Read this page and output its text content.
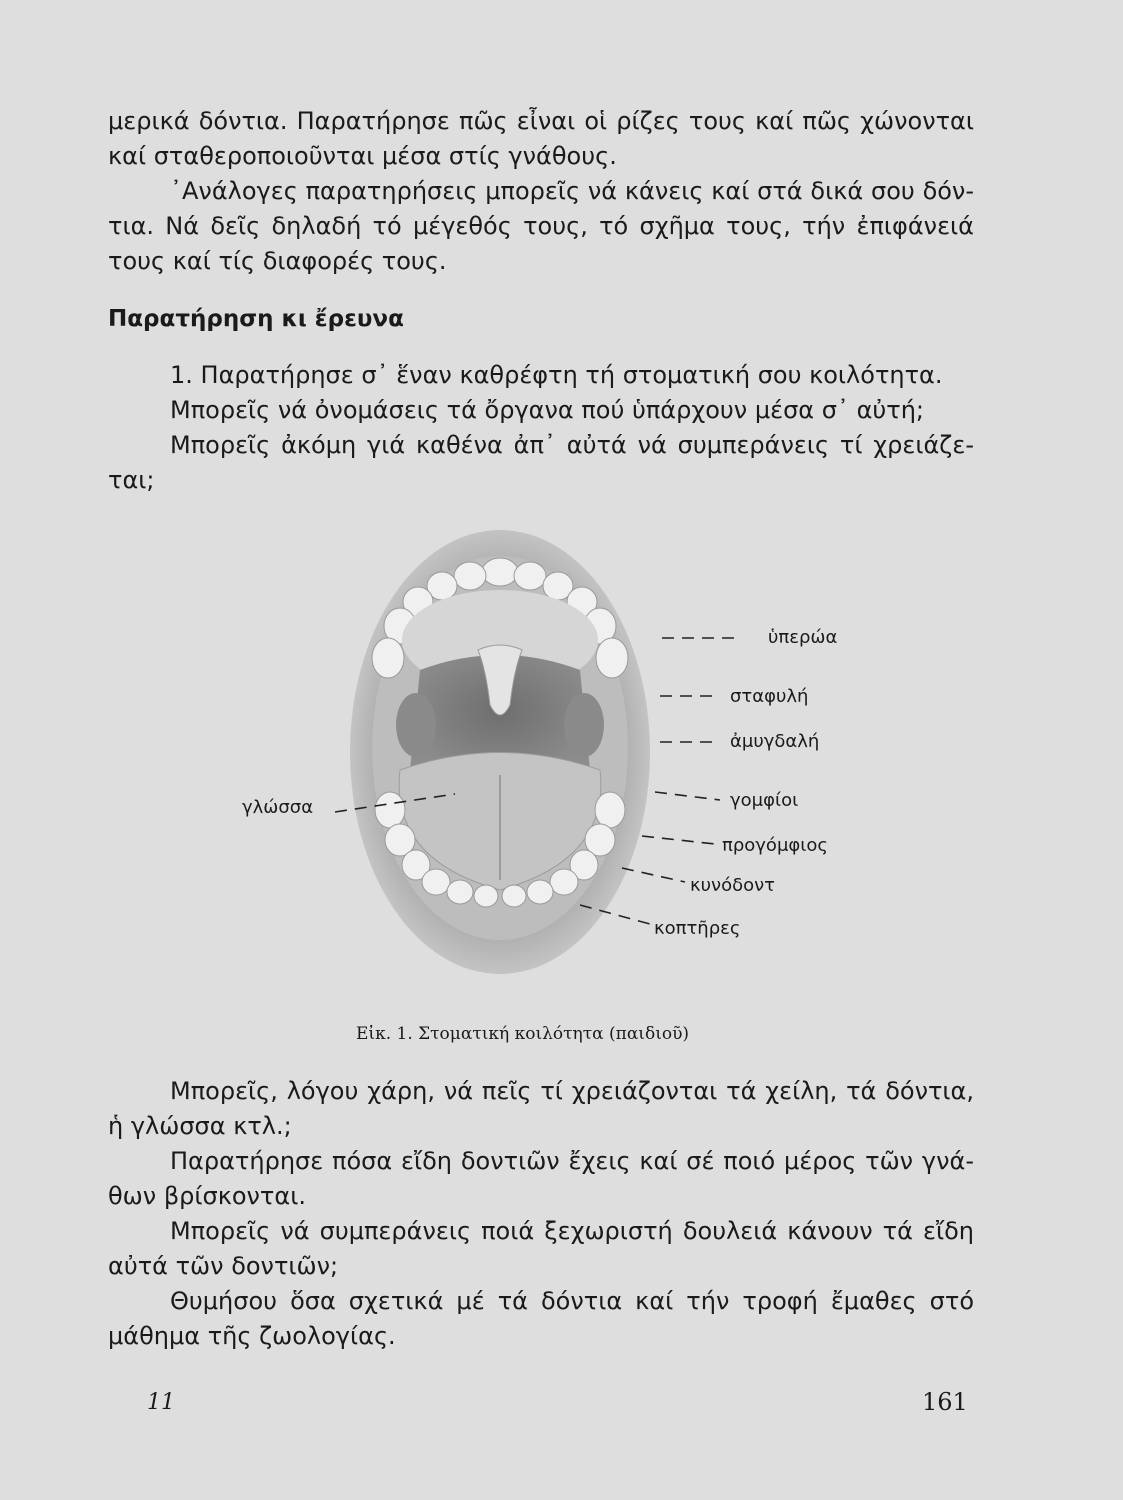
μερικά δόντια. Παρατήρησε πῶς εἶναι οἱ ρίζες τους καί πῶς χώνονται
καί σταθεροποιοῦνται μέσα στίς γνάθους.
᾿Ανάλογες παρατηρήσεις μπορεῖς νά κάνεις καί στά δικά σου δόν-
τια. Νά δεῖς δηλαδή τό μέγεθός τους, τό σχῆμα τους, τήν ἐπιφάνειά
τους καί τίς διαφορές τους.
Παρατήρηση κι ἔρευνα
1. Παρατήρησε σ᾿ ἕναν καθρέφτη τή στοματική σου κοιλότητα.
Μπορεῖς νά ὀνομάσεις τά ὄργανα πού ὑπάρχουν μέσα σ᾿ αὐτή;
Μπορεῖς ἀκόμη γιά καθένα ἀπ᾿ αὐτά νά συμπεράνεις τί χρειάζε-
ται;
ὑπερώα
σταφυλή
ἀμυγδαλή
γομφίοι
προγόμφιος
κυνόδοντ
κοπτῆρες
γλώσσα
Εἰκ. 1. Στοματική κοιλότητα (παιδιοῦ)
Μπορεῖς, λόγου χάρη, νά πεῖς τί χρειάζονται τά χείλη, τά δόντια,
ἡ γλώσσα κτλ.;
Παρατήρησε πόσα εἴδη δοντιῶν ἔχεις καί σέ ποιό μέρος τῶν γνά-
θων βρίσκονται.
Μπορεῖς νά συμπεράνεις ποιά ξεχωριστή δουλειά κάνουν τά εἴδη
αὐτά τῶν δοντιῶν;
Θυμήσου ὅσα σχετικά μέ τά δόντια καί τήν τροφή ἔμαθες στό
μάθημα τῆς ζωολογίας.
11	161
